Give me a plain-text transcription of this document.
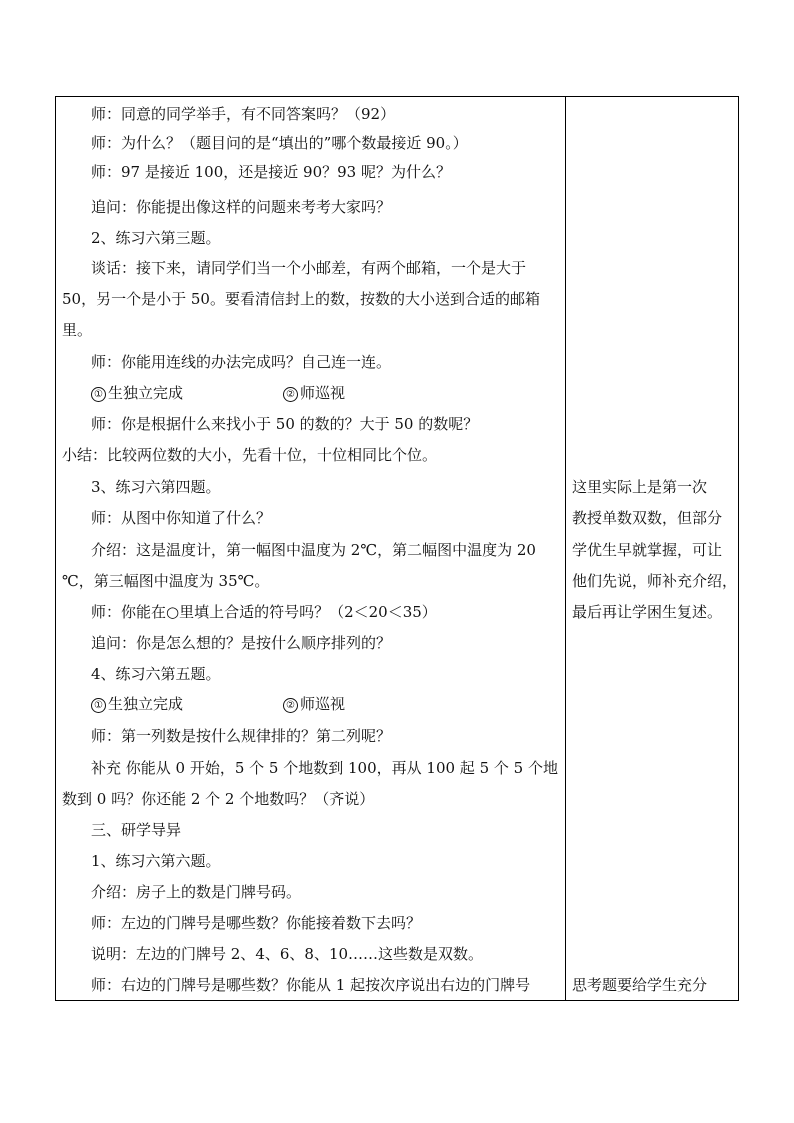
师：同意的同学举手，有不同答案吗？（92）
师：为什么？（题目问的是“填出的”哪个数最接近 90。）
师：97 是接近 100，还是接近 90？93 呢？为什么？
追问：你能提出像这样的问题来考考大家吗？
2、练习六第三题。
谈话：接下来，请同学们当一个小邮差，有两个邮箱，一个是大于
50，另一个是小于 50。要看清信封上的数，按数的大小送到合适的邮箱
里。
师：你能用连线的办法完成吗？自己连一连。
① 生独立完成	② 师巡视
师：你是根据什么来找小于 50 的数的？大于 50 的数呢？
小结：比较两位数的大小，先看十位，十位相同比个位。
3、练习六第四题。
师：从图中你知道了什么？
介绍：这是温度计，第一幅图中温度为 2℃，第二幅图中温度为 20
℃，第三幅图中温度为 35℃。
师：你能在○里填上合适的符号吗？（2＜20＜35）
追问：你是怎么想的？是按什么顺序排列的？
4、练习六第五题。
① 生独立完成	② 师巡视
师：第一列数是按什么规律排的？第二列呢？
补充 你能从 0 开始，5 个 5 个地数到 100，再从 100 起 5 个 5 个地
数到 0 吗？你还能 2 个 2 个地数吗？（齐说）
三、研学导异
1、练习六第六题。
介绍：房子上的数是门牌号码。
师：左边的门牌号是哪些数？你能接着数下去吗？
说明：左边的门牌号 2、4、6、8、10……这些数是双数。
师：右边的门牌号是哪些数？你能从 1 起按次序说出右边的门牌号
这里实际上是第一次
教授单数双数，但部分
学优生早就掌握，可让
他们先说，师补充介绍，
最后再让学困生复述。
思考题要给学生充分
